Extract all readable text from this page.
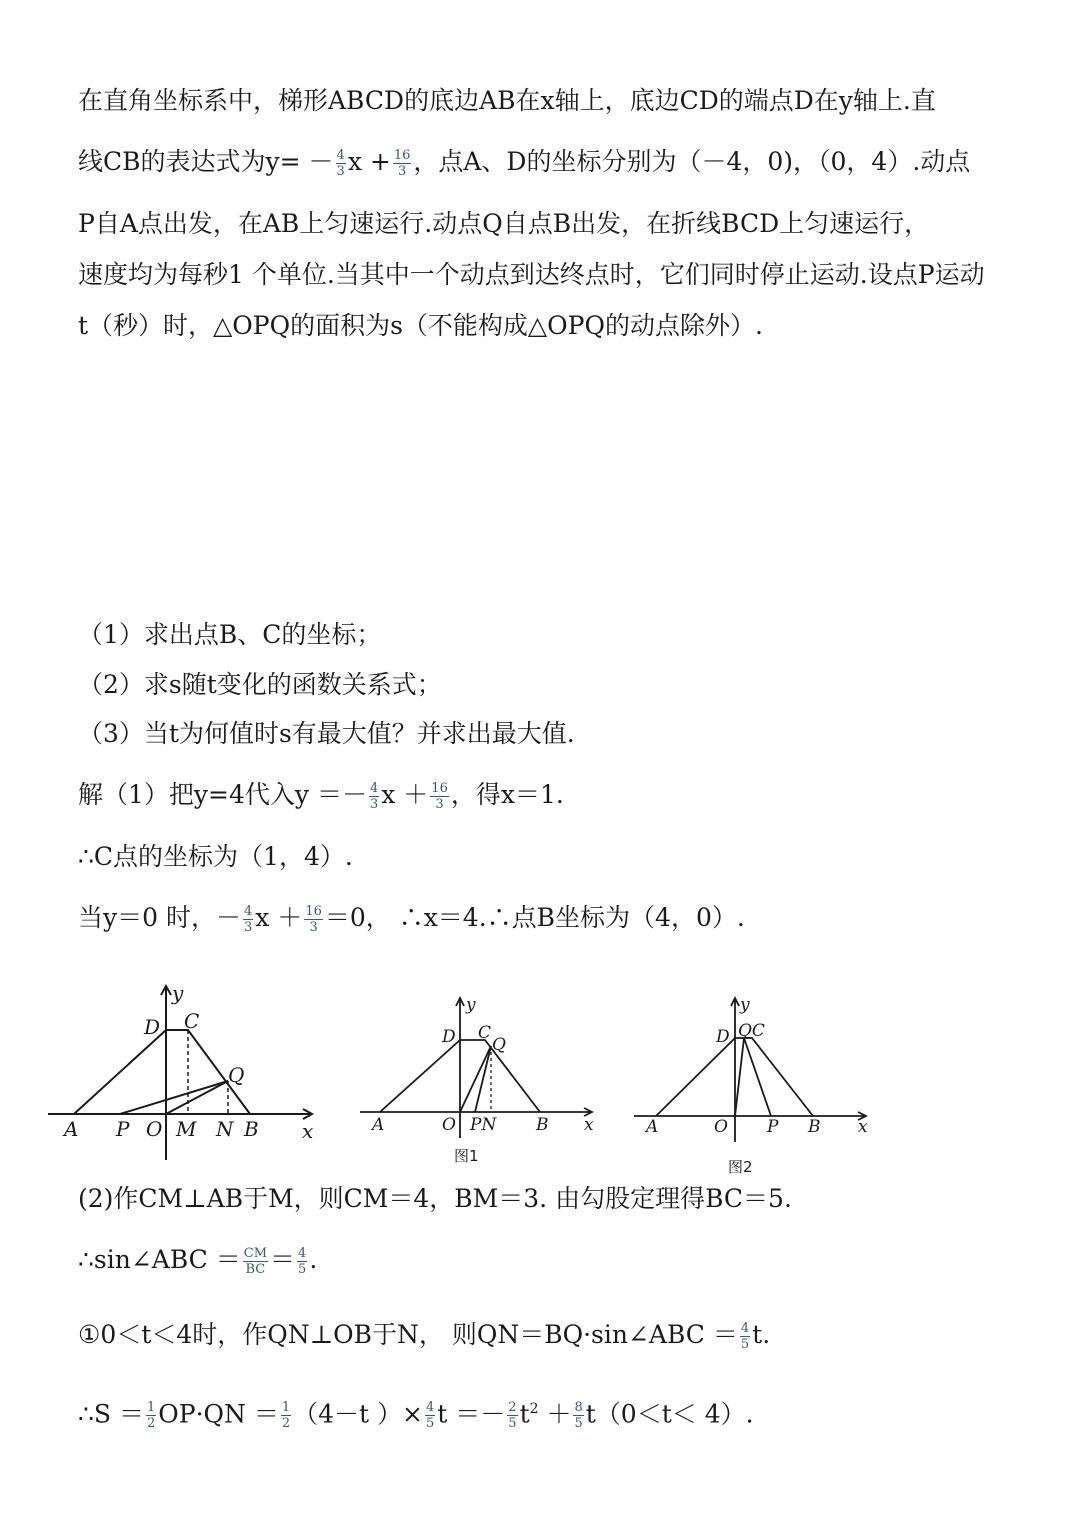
在直角坐标系中，梯形ABCD的底边AB在x轴上，底边CD的端点D在y轴上.直
线CB的表达式为$y= - \frac{4}{3}$ $x + \frac{16}{3}$ ，点A、D的坐标分别为（－4，0)，（0，4）.动点
P自A点出发，在AB上匀速运行.动点Q自点B出发，在折线BCD上匀速运行，
速度均为每秒1 个单位.当其中一个动点到达终点时，它们同时停止运动.设点P运动
t（秒）时，△OPQ的面积为s（不能构成△OPQ的动点除外）.
（1）求出点B、C的坐标；
（2）求s随t变化的函数关系式；
（3）当t为何值时s有最大值？并求出最大值.
解（1）把y=4代入$y =- \frac{4}{3}$ $x + \frac{16}{3}$ ，得x＝1.
∴C点的坐标为（1，4）.
当y＝0 时，－ $\frac{4}{3}$ $x + \frac{16}{3} =0$， ∴x＝4.∴点B坐标为（4，0）.
y
D C
Q
A P O M N B x
y
D C
Q
A	O PN B x
图1
y
D QC
A	O P B x
图2
(2)作CM⊥AB于M，则CM＝4，BM＝3. 由勾股定理得BC＝5.
∴sin∠ABC ＝ $\frac{CM}{BC} = \frac{4}{5}$ .
①0＜t＜4时，作QN⊥OB于N， 则QN＝BQ·sin∠ABC ＝ $\frac{4}{5} t$.
∴S ＝ $\frac{1}{2} OP\cdot QN = \frac{1}{2} (4-t$ ）× $\frac{4}{5}$ $t =- \frac{2}{5} t^2 + \frac{8}{5} t(0<t< 4)$.
